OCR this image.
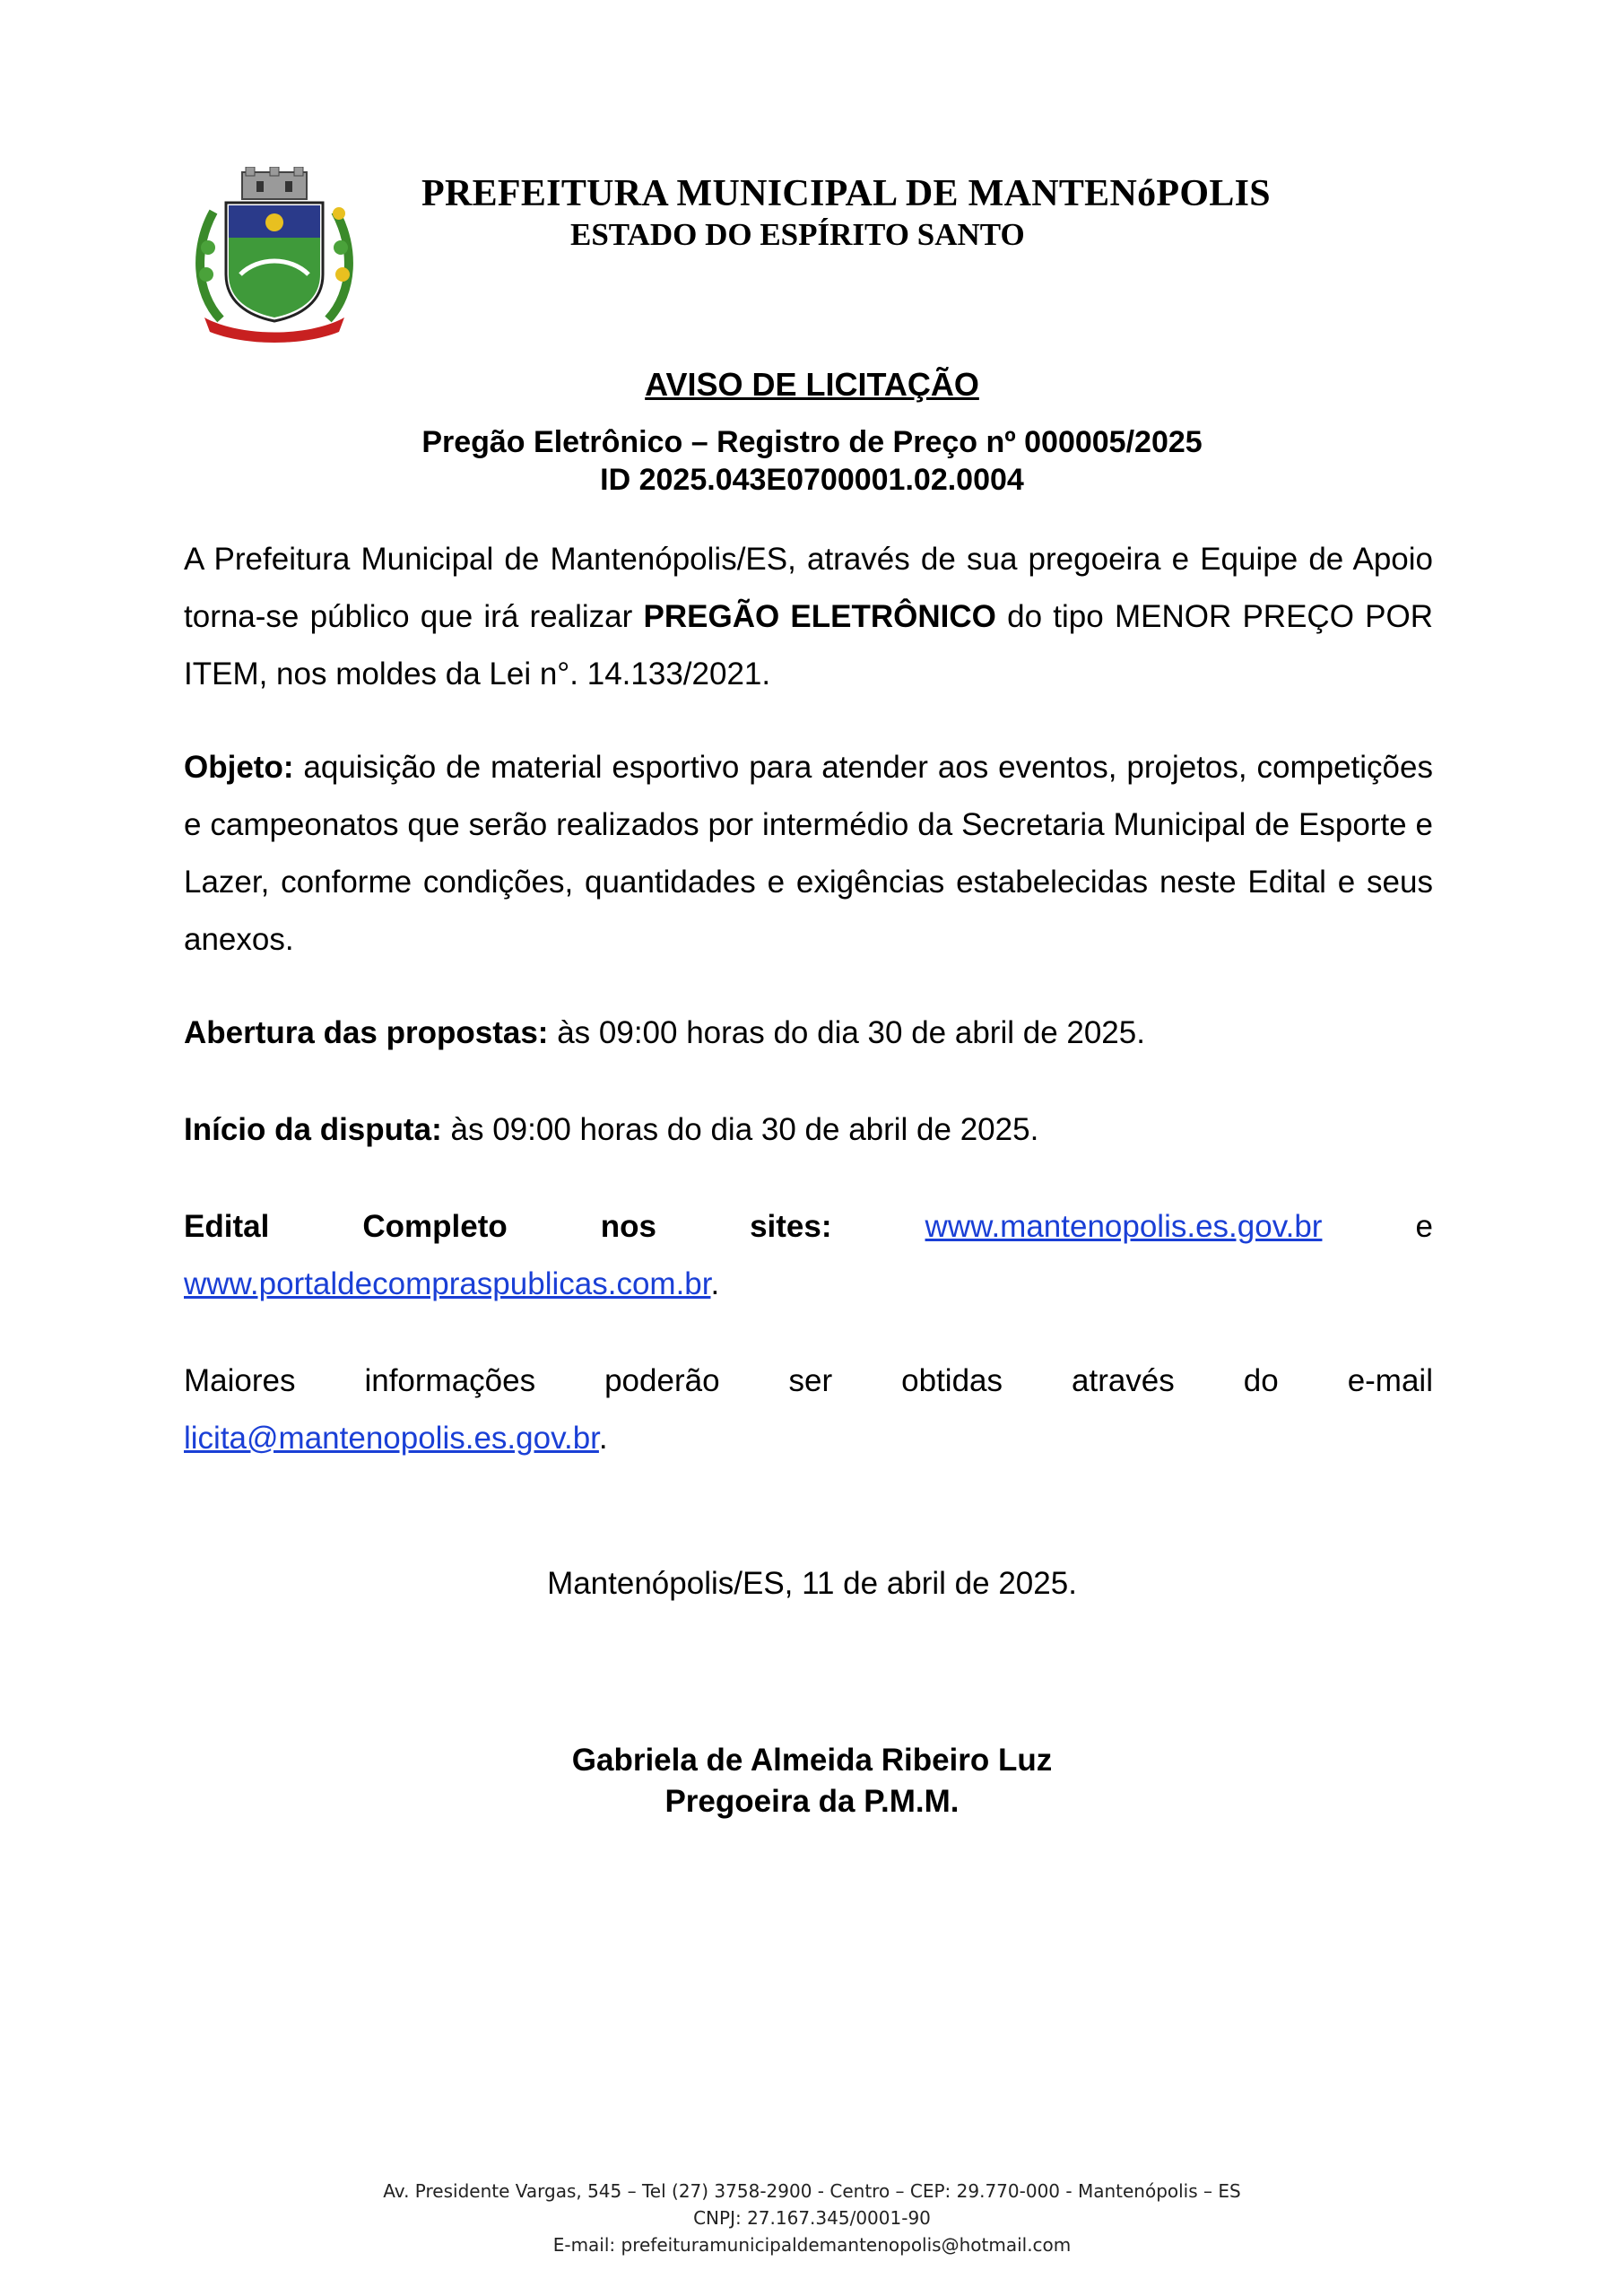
PREFEITURA MUNICIPAL DE MANTENóPOLIS
ESTADO DO ESPÍRITO SANTO
AVISO DE LICITAÇÃO
Pregão Eletrônico – Registro de Preço nº 000005/2025
ID 2025.043E0700001.02.0004
A Prefeitura Municipal de Mantenópolis/ES, através de sua pregoeira e Equipe de Apoio torna-se público que irá realizar PREGÃO ELETRÔNICO do tipo MENOR PREÇO POR ITEM, nos moldes da Lei n°. 14.133/2021.
Objeto: aquisição de material esportivo para atender aos eventos, projetos, competições e campeonatos que serão realizados por intermédio da Secretaria Municipal de Esporte e Lazer, conforme condições, quantidades e exigências estabelecidas neste Edital e seus anexos.
Abertura das propostas: às 09:00 horas do dia 30 de abril de 2025.
Início da disputa: às 09:00 horas do dia 30 de abril de 2025.
Edital	Completo	nos	sites:	www.mantenopolis.es.gov.br	e
www.portaldecompraspublicas.com.br.
Maiores informações poderão ser obtidas através do e-mail
licita@mantenopolis.es.gov.br.
Mantenópolis/ES, 11 de abril de 2025.
Gabriela de Almeida Ribeiro Luz
Pregoeira da P.M.M.
Av. Presidente Vargas, 545 – Tel (27) 3758-2900 - Centro – CEP: 29.770-000 - Mantenópolis – ES
CNPJ: 27.167.345/0001-90
E-mail: prefeituramunicipaldemantenopolis@hotmail.com
